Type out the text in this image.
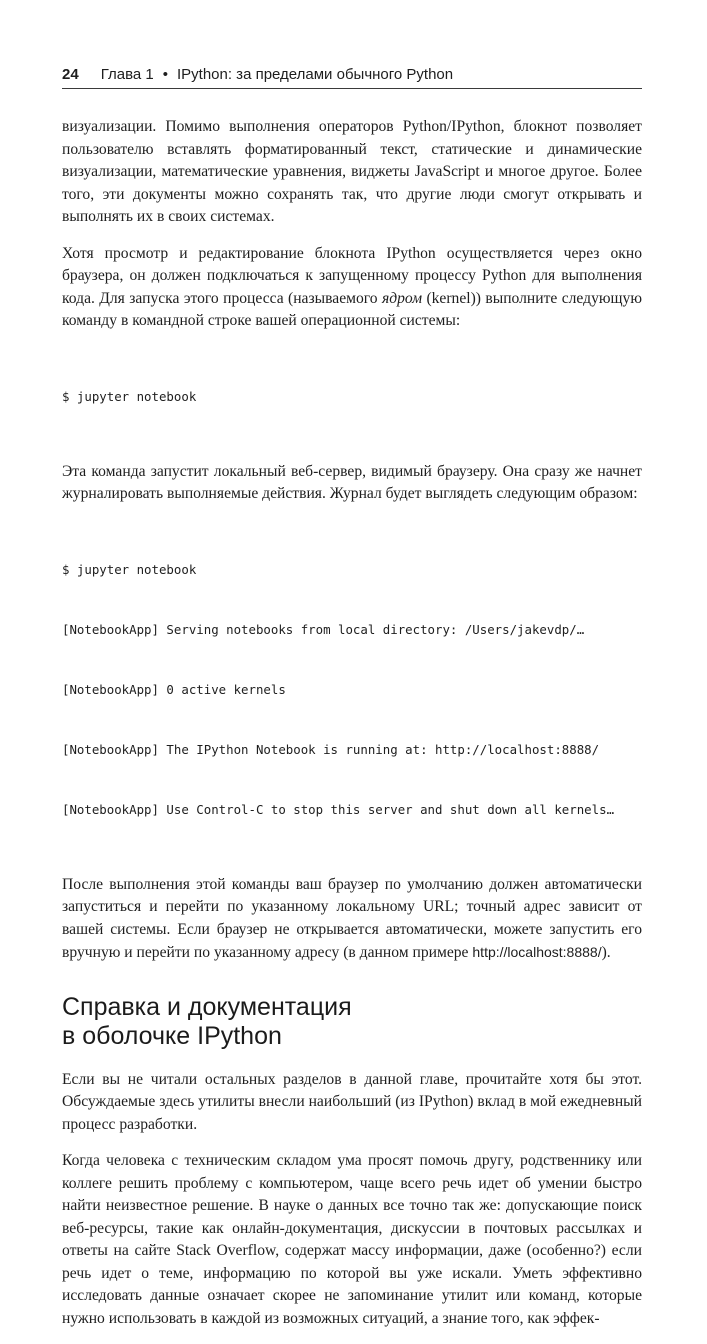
24 Глава 1 • IPython: за пределами обычного Python

визуализации. Помимо выполнения операторов Python/IPython, блокнот позволяет пользователю вставлять форматированный текст, статические и динамические визуализации, математические уравнения, виджеты JavaScript и многое другое. Более того, эти документы можно сохранять так, что другие люди смогут открывать и выполнять их в своих системах.

Хотя просмотр и редактирование блокнота IPython осуществляется через окно браузера, он должен подключаться к запущенному процессу Python для выполнения кода. Для запуска этого процесса (называемого ядром (kernel)) выполните следующую команду в командной строке вашей операционной системы:

$ jupyter notebook

Эта команда запустит локальный веб-сервер, видимый браузеру. Она сразу же начнет журналировать выполняемые действия. Журнал будет выглядеть следующим образом:

$ jupyter notebook

[NotebookApp] Serving notebooks from local directory: /Users/jakevdp/…

[NotebookApp] 0 active kernels

[NotebookApp] The IPython Notebook is running at: http://localhost:8888/

[NotebookApp] Use Control-C to stop this server and shut down all kernels…

После выполнения этой команды ваш браузер по умолчанию должен автоматически запуститься и перейти по указанному локальному URL; точный адрес зависит от вашей системы. Если браузер не открывается автоматически, можете запустить его вручную и перейти по указанному адресу (в данном примере http://localhost:8888/).

Справка и документация
в оболочке IPython

Если вы не читали остальных разделов в данной главе, прочитайте хотя бы этот. Обсуждаемые здесь утилиты внесли наибольший (из IPython) вклад в мой ежедневный процесс разработки.

Когда человека с техническим складом ума просят помочь другу, родственнику или коллеге решить проблему с компьютером, чаще всего речь идет об умении быстро найти неизвестное решение. В науке о данных все точно так же: допускающие поиск веб-ресурсы, такие как онлайн-документация, дискуссии в почтовых рассылках и ответы на сайте Stack Overflow, содержат массу информации, даже (особенно?) если речь идет о теме, информацию по которой вы уже искали. Уметь эффективно исследовать данные означает скорее не запоминание утилит или команд, которые нужно использовать в каждой из возможных ситуаций, а знание того, как эффек-
